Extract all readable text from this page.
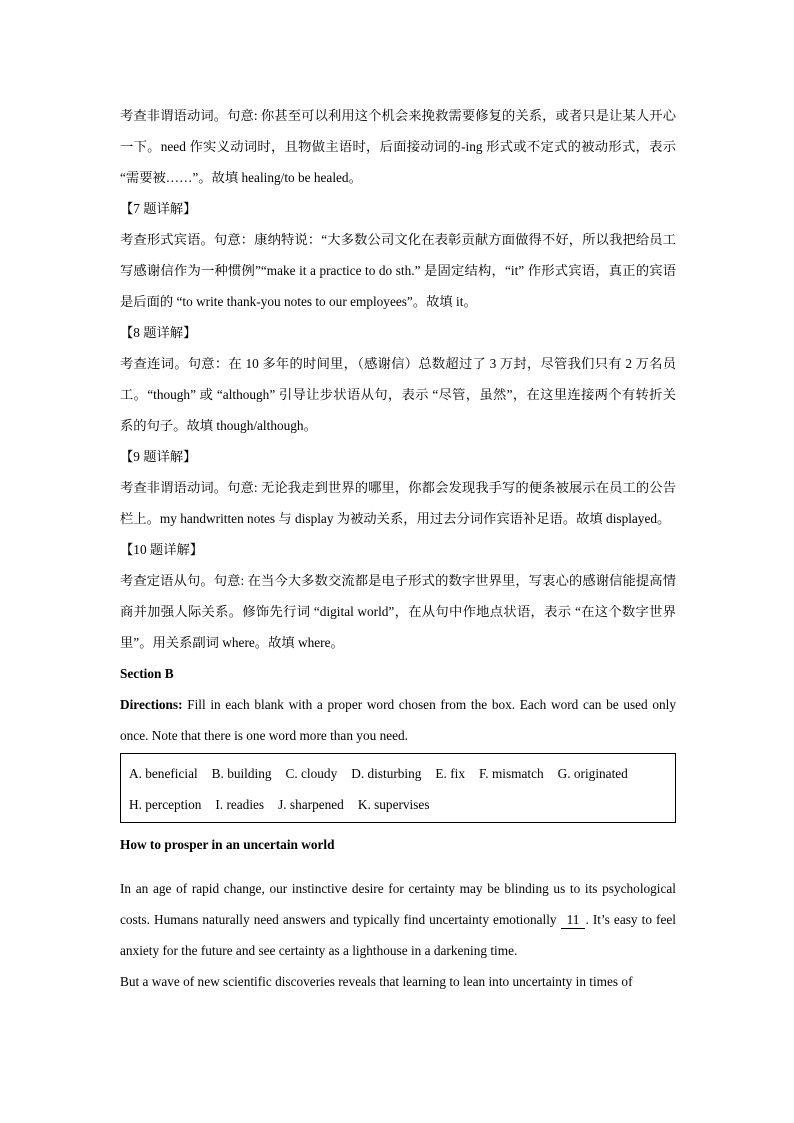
考查非谓语动词。句意: 你甚至可以利用这个机会来挽救需要修复的关系，或者只是让某人开心一下。need 作实义动词时，且物做主语时，后面接动词的-ing 形式或不定式的被动形式，表示 “需要被……”。故填 healing/to be healed。

【7 题详解】

考查形式宾语。句意：康纳特说：“大多数公司文化在表彰贡献方面做得不好，所以我把给员工写感谢信作为一种惯例”“make it a practice to do sth.” 是固定结构，“it” 作形式宾语，真正的宾语是后面的 “to write thank-you notes to our employees”。故填 it。

【8 题详解】

考查连词。句意：在 10 多年的时间里，（感谢信）总数超过了 3 万封，尽管我们只有 2 万名员工。“though” 或 “although” 引导让步状语从句，表示 “尽管，虽然”，在这里连接两个有转折关系的句子。故填 though/although。

【9 题详解】

考查非谓语动词。句意: 无论我走到世界的哪里，你都会发现我手写的便条被展示在员工的公告栏上。my handwritten notes 与 display 为被动关系，用过去分词作宾语补足语。故填 displayed。

【10 题详解】

考查定语从句。句意: 在当今大多数交流都是电子形式的数字世界里，写衷心的感谢信能提高情商并加强人际关系。修饰先行词 “digital world”，在从句中作地点状语，表示 “在这个数字世界里”。用关系副词 where。故填 where。

Section B

Directions: Fill in each blank with a proper word chosen from the box. Each word can be used only once. Note that there is one word more than you need.

A. beneficial B. building C. cloudy D. disturbing E. fix F. mismatch G. originated
H. perception I. readies J. sharpened K. supervises

How to prosper in an uncertain world

In an age of rapid change, our instinctive desire for certainty may be blinding us to its psychological costs. Humans naturally need answers and typically find uncertainty emotionally 11 . It’s easy to feel anxiety for the future and see certainty as a lighthouse in a darkening time.

But a wave of new scientific discoveries reveals that learning to lean into uncertainty in times of
